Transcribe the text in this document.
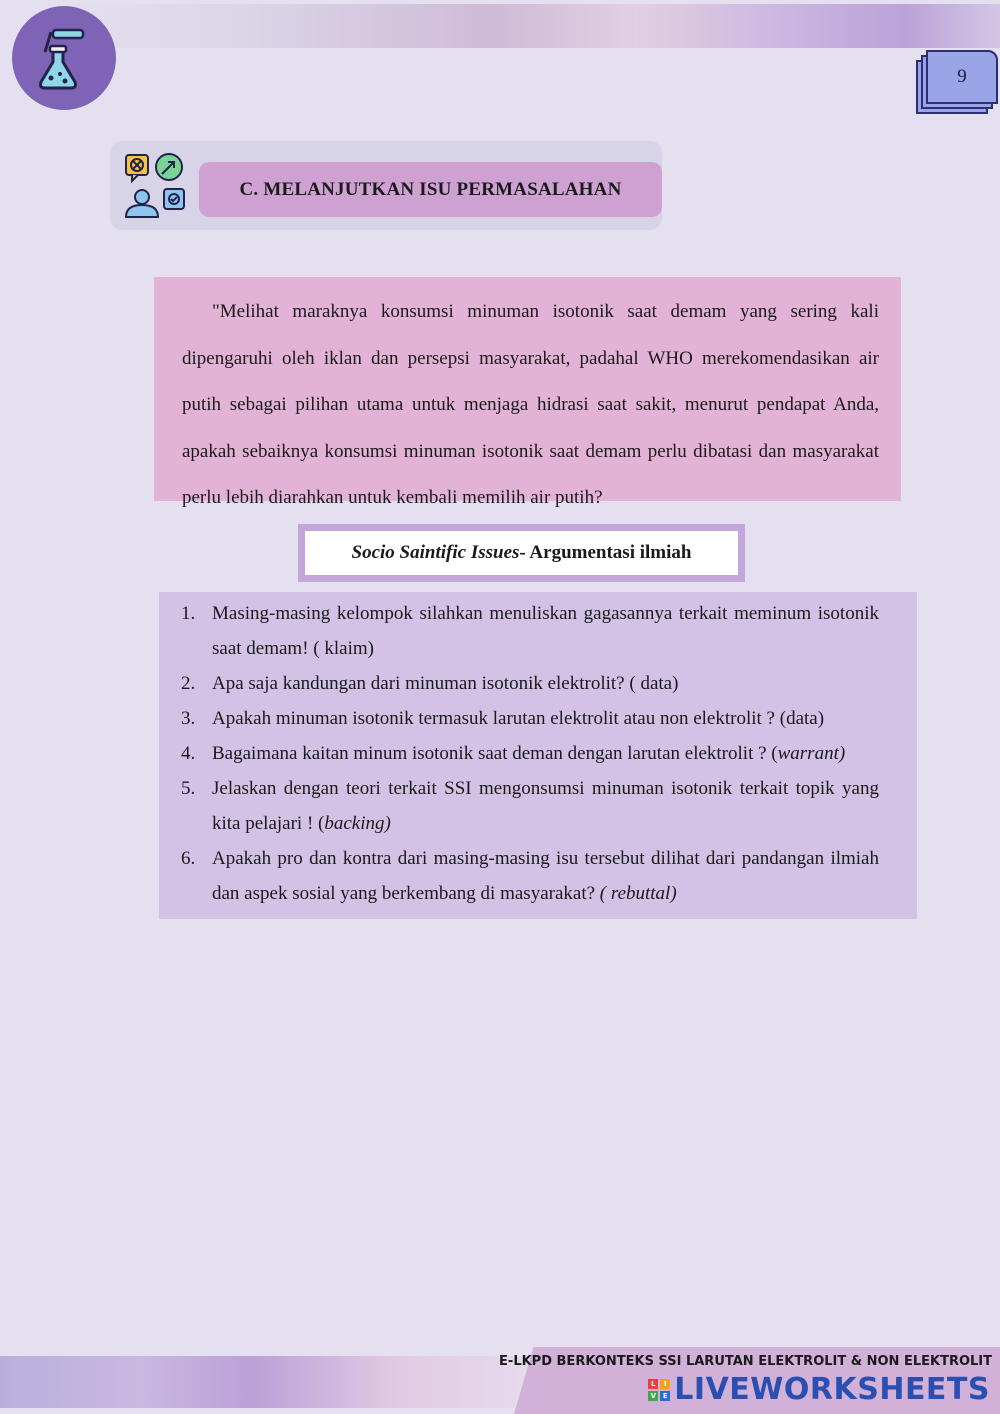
9
C. MELANJUTKAN ISU PERMASALAHAN

"Melihat maraknya konsumsi minuman isotonik saat demam yang sering kali dipengaruhi oleh iklan dan persepsi masyarakat, padahal WHO merekomendasikan air putih sebagai pilihan utama untuk menjaga hidrasi saat sakit, menurut pendapat Anda, apakah sebaiknya konsumsi minuman isotonik saat demam perlu dibatasi dan masyarakat perlu lebih diarahkan untuk kembali memilih air putih?

Socio Saintific Issues - Argumentasi ilmiah
1. Masing-masing kelompok silahkan menuliskan gagasannya terkait meminum isotonik saat demam! ( klaim)
2. Apa saja kandungan dari minuman isotonik elektrolit? ( data)
3. Apakah minuman isotonik termasuk larutan elektrolit atau non elektrolit ? (data)
4. Bagaimana kaitan minum isotonik saat deman dengan larutan elektrolit ? (warrant)
5. Jelaskan dengan teori terkait SSI mengonsumsi minuman isotonik terkait topik yang kita pelajari ! (backing)
6. Apakah pro dan kontra dari masing-masing isu tersebut dilihat dari pandangan ilmiah dan aspek sosial yang berkembang di masyarakat? ( rebuttal)
E-LKPD BERKONTEKS SSI LARUTAN ELEKTROLIT & NON ELEKTROLIT
L	I
V E LIVEWORKSHEETS
